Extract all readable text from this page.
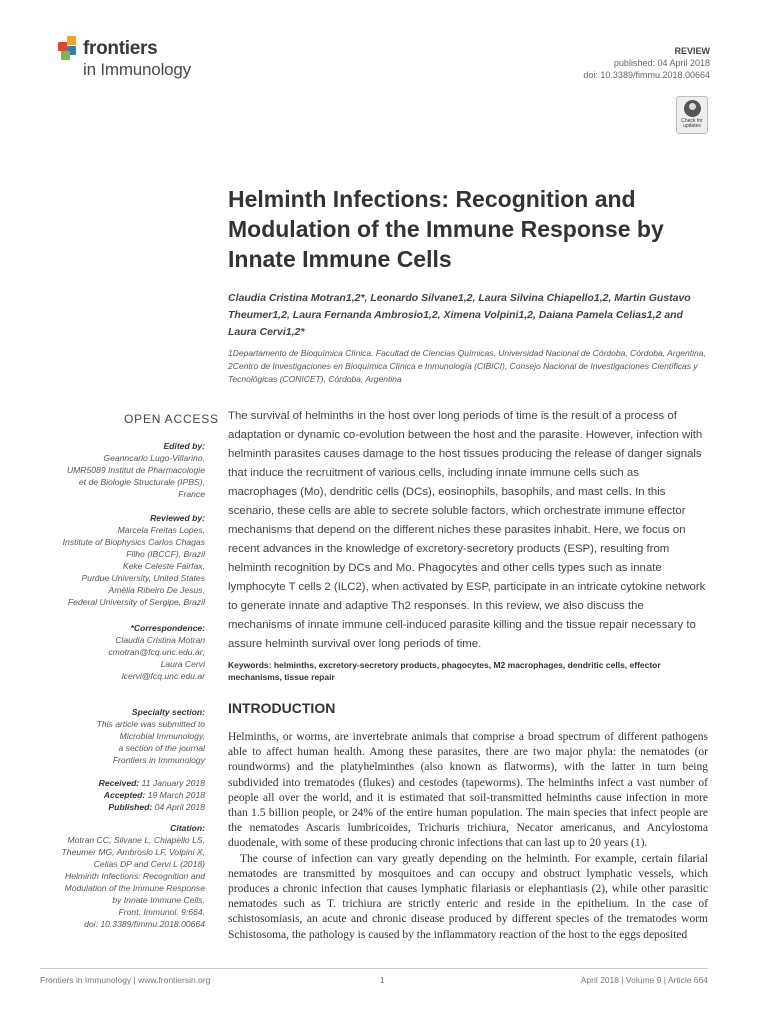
frontiers
in Immunology
REVIEW
published: 04 April 2018
doi: 10.3389/fimmu.2018.00664
Check for updates
Helminth Infections: Recognition and Modulation of the Immune Response by Innate Immune Cells
Claudia Cristina Motran1,2*, Leonardo Silvane1,2, Laura Silvina Chiapello1,2, Martin Gustavo Theumer1,2, Laura Fernanda Ambrosio1,2, Ximena Volpini1,2, Daiana Pamela Celias1,2 and Laura Cervi1,2*
1Departamento de Bioquímica Clínica, Facultad de Ciencias Químicas, Universidad Nacional de Córdoba, Córdoba, Argentina, 2Centro de Investigaciones en Bioquímica Clínica e Inmunología (CIBICI), Consejo Nacional de Investigaciones Científicas y Tecnológicas (CONICET), Córdoba, Argentina
OPEN ACCESS
Edited by:
Geanncarlo Lugo-Villarino,
UMR5089 Institut de Pharmacologie
et de Biologie Structurale (IPBS),
France
Reviewed by:
Marcela Freitas Lopes,
Institute of Biophysics Carlos Chagas
Filho (IBCCF), Brazil
Keke Celeste Fairfax,
Purdue University, United States
Amélia Ribeiro De Jesus,
Federal University of Sergipe, Brazil
*Correspondence:
Claudia Cristina Motran
cmotran@fcq.unc.edu.ar;
Laura Cervi
lcervi@fcq.unc.edu.ar
Specialty section:
This article was submitted to
Microbial Immunology,
a section of the journal
Frontiers in Immunology
Received: 11 January 2018
Accepted: 19 March 2018
Published: 04 April 2018
Citation:
Motran CC, Silvane L, Chiapello LS,
Theumer MG, Ambrosio LF, Volpini X,
Celias DP and Cervi L (2018)
Helminth Infections: Recognition and
Modulation of the Immune Response
by Innate Immune Cells.
Front. Immunol. 9:664.
doi: 10.3389/fimmu.2018.00664
The survival of helminths in the host over long periods of time is the result of a process of adaptation or dynamic co-evolution between the host and the parasite. However, infection with helminth parasites causes damage to the host tissues producing the release of danger signals that induce the recruitment of various cells, including innate immune cells such as macrophages (Mo), dendritic cells (DCs), eosinophils, basophils, and mast cells. In this scenario, these cells are able to secrete soluble factors, which orchestrate immune effector mechanisms that depend on the different niches these parasites inhabit. Here, we focus on recent advances in the knowledge of excretory-secretory products (ESP), resulting from helminth recognition by DCs and Mo. Phagocytes and other cells types such as innate lymphocyte T cells 2 (ILC2), when activated by ESP, participate in an intricate cytokine network to generate innate and adaptive Th2 responses. In this review, we also discuss the mechanisms of innate immune cell-induced parasite killing and the tissue repair necessary to assure helminth survival over long periods of time.
Keywords: helminths, excretory-secretory products, phagocytes, M2 macrophages, dendritic cells, effector mechanisms, tissue repair
INTRODUCTION

Helminths, or worms, are invertebrate animals that comprise a broad spectrum of different pathogens able to affect human health. Among these parasites, there are two major phyla: the nematodes (or roundworms) and the platyhelminthes (also known as flatworms), with the latter in turn being subdivided into trematodes (flukes) and cestodes (tapeworms). The helminths infect a vast number of people all over the world, and it is estimated that soil-transmitted helminths cause infection in more than 1.5 billion people, or 24% of the entire human population. The main species that infect people are the nematodes Ascaris lumbricoides, Trichuris trichiura, Necator americanus, and Ancylostoma duodenale, with some of these producing chronic infections that can last up to 20 years (1).

The course of infection can vary greatly depending on the helminth. For example, certain filarial nematodes are transmitted by mosquitoes and can occupy and obstruct lymphatic vessels, which produces a chronic infection that causes lymphatic filariasis or elephantiasis (2), while other parasitic nematodes such as T. trichiura are strictly enteric and reside in the epithelium. In the case of schistosomiasis, an acute and chronic disease produced by different species of the trematodes worm Schistosoma, the pathology is caused by the inflammatory reaction of the host to the eggs deposited

Frontiers in Immunology | www.frontiersin.org	1	April 2018 | Volume 9 | Article 664
